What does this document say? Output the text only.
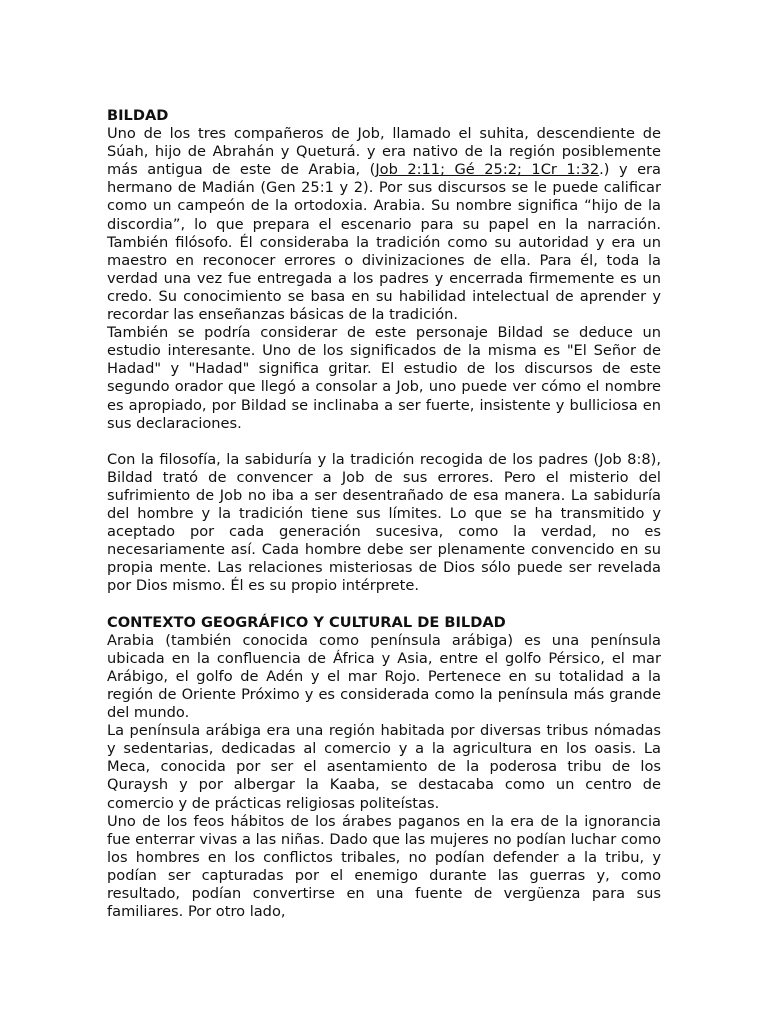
BILDAD

Uno de los tres compañeros de Job, llamado el suhita, descendiente de Súah, hijo de Abrahán y Queturá. y era nativo de la región posiblemente más antigua de este de Arabia, (Job 2:11; Gé 25:2; 1Cr 1:32.) y era hermano de Madián (Gen 25:1 y 2). Por sus discursos se le puede calificar como un campeón de la ortodoxia. Arabia. Su nombre significa “hijo de la discordia”, lo que prepara el escenario para su papel en la narración. También filósofo. Él consideraba la tradición como su autoridad y era un maestro en reconocer errores o divinizaciones de ella. Para él, toda la verdad una vez fue entregada a los padres y encerrada firmemente es un credo. Su conocimiento se basa en su habilidad intelectual de aprender y recordar las enseñanzas básicas de la tradición.

También se podría considerar de este personaje Bildad se deduce un estudio interesante. Uno de los significados de la misma es "El Señor de Hadad" y "Hadad" significa gritar. El estudio de los discursos de este segundo orador que llegó a consolar a Job, uno puede ver cómo el nombre es apropiado, por Bildad se inclinaba a ser fuerte, insistente y bulliciosa en sus declaraciones.

Con la filosofía, la sabiduría y la tradición recogida de los padres (Job 8:8), Bildad trató de convencer a Job de sus errores. Pero el misterio del sufrimiento de Job no iba a ser desentrañado de esa manera. La sabiduría del hombre y la tradición tiene sus límites. Lo que se ha transmitido y aceptado por cada generación sucesiva, como la verdad, no es necesariamente así. Cada hombre debe ser plenamente convencido en su propia mente. Las relaciones misteriosas de Dios sólo puede ser revelada por Dios mismo. Él es su propio intérprete.

CONTEXTO GEOGRÁFICO Y CULTURAL DE BILDAD

Arabia (también conocida como península arábiga) es una península ubicada en la confluencia de África y Asia, entre el golfo Pérsico, el mar Arábigo, el golfo de Adén y el mar Rojo. Pertenece en su totalidad a la región de Oriente Próximo y es considerada como la península más grande del mundo.

La península arábiga era una región habitada por diversas tribus nómadas y sedentarias, dedicadas al comercio y a la agricultura en los oasis. La Meca, conocida por ser el asentamiento de la poderosa tribu de los Quraysh y por albergar la Kaaba, se destacaba como un centro de comercio y de prácticas religiosas politeístas.

Uno de los feos hábitos de los árabes paganos en la era de la ignorancia fue enterrar vivas a las niñas. Dado que las mujeres no podían luchar como los hombres en los conflictos tribales, no podían defender a la tribu, y podían ser capturadas por el enemigo durante las guerras y, como resultado, podían convertirse en una fuente de vergüenza para sus familiares. Por otro lado,
